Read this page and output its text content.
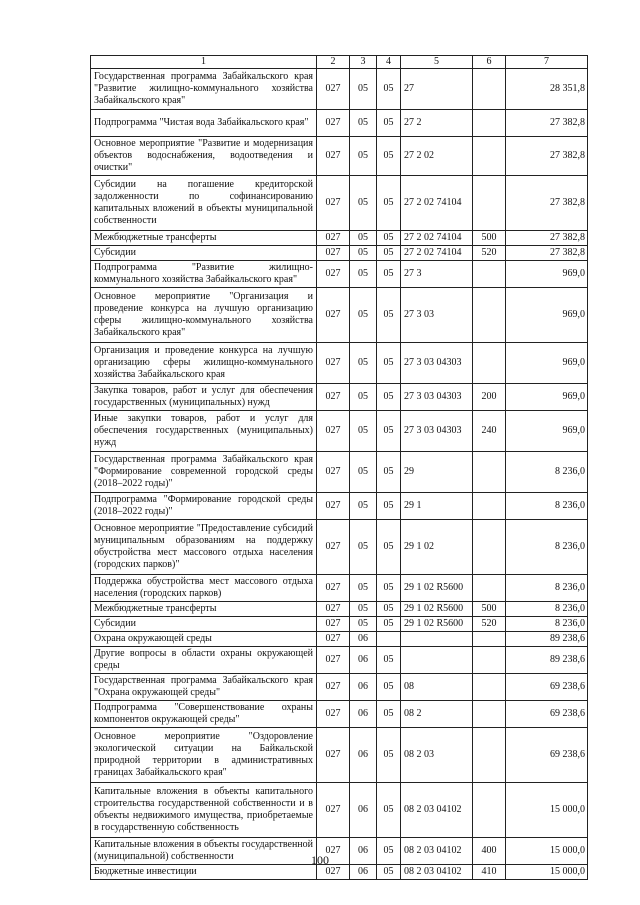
1	2	3	4	5	6	7
Государственная программа Забайкальского края "Развитие жилищно-коммунального хозяйства Забайкальского края"	027	05	05	27		28 351,8
Подпрограмма "Чистая вода Забайкальского края"	027	05	05	27 2		27 382,8
Основное мероприятие "Развитие и модернизация объектов водоснабжения, водоотведения и очистки"	027	05	05	27 2 02		27 382,8
Субсидии на погашение кредиторской задолженности по софинансированию капитальных вложений в объекты муниципальной собственности	027	05	05	27 2 02 74104		27 382,8
Межбюджетные трансферты	027	05	05	27 2 02 74104	500	27 382,8
Субсидии	027	05	05	27 2 02 74104	520	27 382,8
Подпрограмма "Развитие жилищно-коммунального хозяйства Забайкальского края"	027	05	05	27 3		969,0
Основное мероприятие "Организация и проведение конкурса на лучшую организацию сферы жилищно-коммунального хозяйства Забайкальского края"	027	05	05	27 3 03		969,0
Организация и проведение конкурса на лучшую организацию сферы жилищно-коммунального хозяйства Забайкальского края	027	05	05	27 3 03 04303		969,0
Закупка товаров, работ и услуг для обеспечения государственных (муниципальных) нужд	027	05	05	27 3 03 04303	200	969,0
Иные закупки товаров, работ и услуг для обеспечения государственных (муниципальных) нужд	027	05	05	27 3 03 04303	240	969,0
Государственная программа Забайкальского края "Формирование современной городской среды (2018–2022 годы)"	027	05	05	29		8 236,0
Подпрограмма "Формирование городской среды (2018–2022 годы)"	027	05	05	29 1		8 236,0
Основное мероприятие "Предоставление субсидий муниципальным образованиям на поддержку обустройства мест массового отдыха населения (городских парков)"	027	05	05	29 1 02		8 236,0
Поддержка обустройства мест массового отдыха населения (городских парков)	027	05	05	29 1 02 R5600		8 236,0
Межбюджетные трансферты	027	05	05	29 1 02 R5600	500	8 236,0
Субсидии	027	05	05	29 1 02 R5600	520	8 236,0
Охрана окружающей среды	027	06				89 238,6
Другие вопросы в области охраны окружающей среды	027	06	05			89 238,6
Государственная программа Забайкальского края "Охрана окружающей среды"	027	06	05	08		69 238,6
Подпрограмма "Совершенствование охраны компонентов окружающей среды"	027	06	05	08 2		69 238,6
Основное мероприятие "Оздоровление экологической ситуации на Байкальской природной территории в административных границах Забайкальского края"	027	06	05	08 2 03		69 238,6
Капитальные вложения в объекты капитального строительства государственной собственности и в объекты недвижимого имущества, приобретаемые в государственную собственность	027	06	05	08 2 03 04102		15 000,0
Капитальные вложения в объекты государственной (муниципальной) собственности	027	06	05	08 2 03 04102	400	15 000,0
Бюджетные инвестиции	027	06	05	08 2 03 04102	410	15 000,0
100
